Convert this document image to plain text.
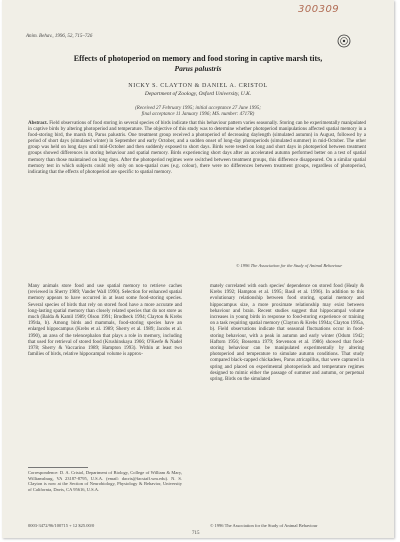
300309
Anim. Behav., 1996, 52, 715–726
Effects of photoperiod on memory and food storing in captive marsh tits,
Parus palustris
NICKY S. CLAYTON & DANIEL A. CRISTOL
Department of Zoology, Oxford University, U.K.
(Received 27 February 1995; initial acceptance 27 June 1995;
final acceptance 11 January 1996; MS. number: 4717R)
Abstract. Field observations of food storing in several species of birds indicate that this behaviour pattern varies seasonally. Storing can be experimentally manipulated in captive birds by altering photoperiod and temperature. The objective of this study was to determine whether photoperiod manipulations affected spatial memory in a food-storing bird, the marsh tit, Parus palustris. One treatment group received a photoperiod of decreasing daylength (simulated autumn) in August, followed by a period of short days (simulated winter) in September and early October, and a sudden onset of long-day photoperiods (simulated summer) in mid-October. The other group was held on long days until mid-October and then suddenly exposed to short days. Birds were tested on long and short days in photoperiod between treatment groups showed differences in storing behaviour and spatial memory. Birds experiencing short days after an accelerated autumn performed better on a test of spatial memory than those maintained on long days. After the photoperiod regimes were switched between treatment groups, this difference disappeared. On a similar spatial memory test in which subjects could rely only on non-spatial cues (e.g. colour), there were no differences between treatment groups, regardless of photoperiod, indicating that the effects of photoperiod are specific to spatial memory.
© 1996 The Association for the Study of Animal Behaviour
Many animals store food and use spatial memory to retrieve caches (reviewed in Sherry 1989; Vander Wall 1990). Selection for enhanced spatial memory appears to have occurred in at least some food-storing species. Several species of birds that rely on stored food have a more accurate and long-lasting spatial memory than closely related species that do not store as much (Balda & Kamil 1989; Olson 1991; Brodbeck 1994; Clayton & Krebs 1994a, b). Among birds and mammals, food-storing species have an enlarged hippocampus (Krebs et al. 1989; Sherry et al. 1989; Jacobs et al. 1990), an area of the telencephalon that plays a role in memory, including that used for retrieval of stored food (Krushinskaya 1966; O'Keefe & Nadel 1978; Sherry & Vaccarino 1989; Hampton 1993). Within at least two families of birds, relative hippocampal volume is approx-
mately correlated with each species' dependence on stored food (Healy & Krebs 1992; Hampton et al. 1995; Basil et al. 1996). In addition to this evolutionary relationship between food storing, spatial memory and hippocampus size, a more proximate relationship may exist between behaviour and brain. Recent studies suggest that hippocampal volume increases in young birds in response to food-storing experience or training on a task requiring spatial memory (Clayton & Krebs 1994a; Clayton 1995a, b). Field observations indicate that seasonal fluctuations occur in food-storing behaviour, with a peak in autumn and early winter (Odum 1942; Haftorn 1956; Bossema 1979; Stevenson et al. 1986) showed that food-storing behaviour can be manipulated experimentally by altering photoperiod and temperature to simulate autumn conditions. That study compared black-capped chickadees, Parus atricapillus, that were captured in spring and placed on experimental photoperiods and temperature regimes designed to mimic either the passage of summer and autumn, or perpetual spring. Birds on the simulated
Correspondence: D. A. Cristol, Department of Biology, College of William & Mary, Williamsburg, VA 23187-8795, U.S.A. (email: dacris@facstaff.wm.edu). N. S. Clayton is now at the Section of Neurobiology, Physiology & Behavior, University of California, Davis, CA 95616, U.S.A.
0003-3472/96/100715 + 12 $25.00/0	© 1996 The Association for the Study of Animal Behaviour
715
